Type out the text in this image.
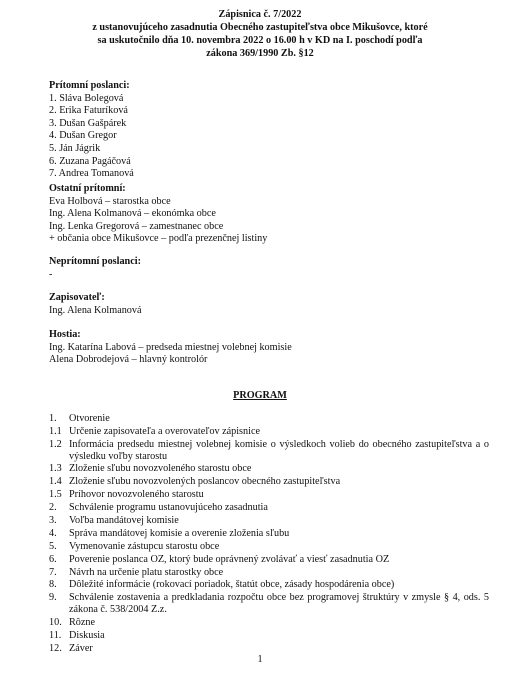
Zápisnica č. 7/2022
z ustanovujúceho zasadnutia Obecného zastupiteľstva obce Mikušovce, ktoré
sa uskutočnilo dňa 10. novembra 2022 o 16.00 h v KD na I. poschodí podľa
zákona 369/1990 Zb. §12
Prítomní poslanci:
1. Sláva Bolegová
2. Erika Faturíková
3. Dušan Gašpárek
4. Dušan Gregor
5. Ján Jágrik
6. Zuzana Pagáčová
7. Andrea Tomanová
Ostatní prítomní:
Eva Holbová – starostka obce
Ing. Alena Kolmanová – ekonómka obce
Ing. Lenka Gregorová – zamestnanec obce
+ občania obce Mikušovce – podľa prezenčnej listiny
Neprítomní poslanci:
-
Zapisovateľ:
Ing. Alena Kolmanová
Hostia:
Ing. Katarína Labová – predseda miestnej volebnej komisie
Alena Dobrodejová – hlavný kontrolór
PROGRAM
1.	Otvorenie
1.1 Určenie zapisovateľa a overovateľov zápisnice
1.2 Informácia predsedu miestnej volebnej komisie o výsledkoch volieb do obecného zastupiteľstva a o výsledku voľby starostu
1.3 Zloženie sľubu novozvoleného starostu obce
1.4 Zloženie sľubu novozvolených poslancov obecného zastupiteľstva
1.5 Príhovor novozvoleného starostu
2.	Schválenie programu ustanovujúceho zasadnutia
3.	Voľba mandátovej komisie
4.	Správa mandátovej komisie a overenie zloženia sľubu
5.	Vymenovanie zástupcu starostu obce
6.	Poverenie poslanca OZ, ktorý bude oprávnený zvolávať a viesť zasadnutia OZ
7.	Návrh na určenie platu starostky obce
8.	Dôležité informácie (rokovací poriadok, štatút obce, zásady hospodárenia obce)
9.	Schválenie zostavenia a predkladania rozpočtu obce bez programovej štruktúry v zmysle § 4, ods. 5 zákona č. 538/2004 Z.z.
10. Rôzne
11. Diskusia
12. Záver
1
